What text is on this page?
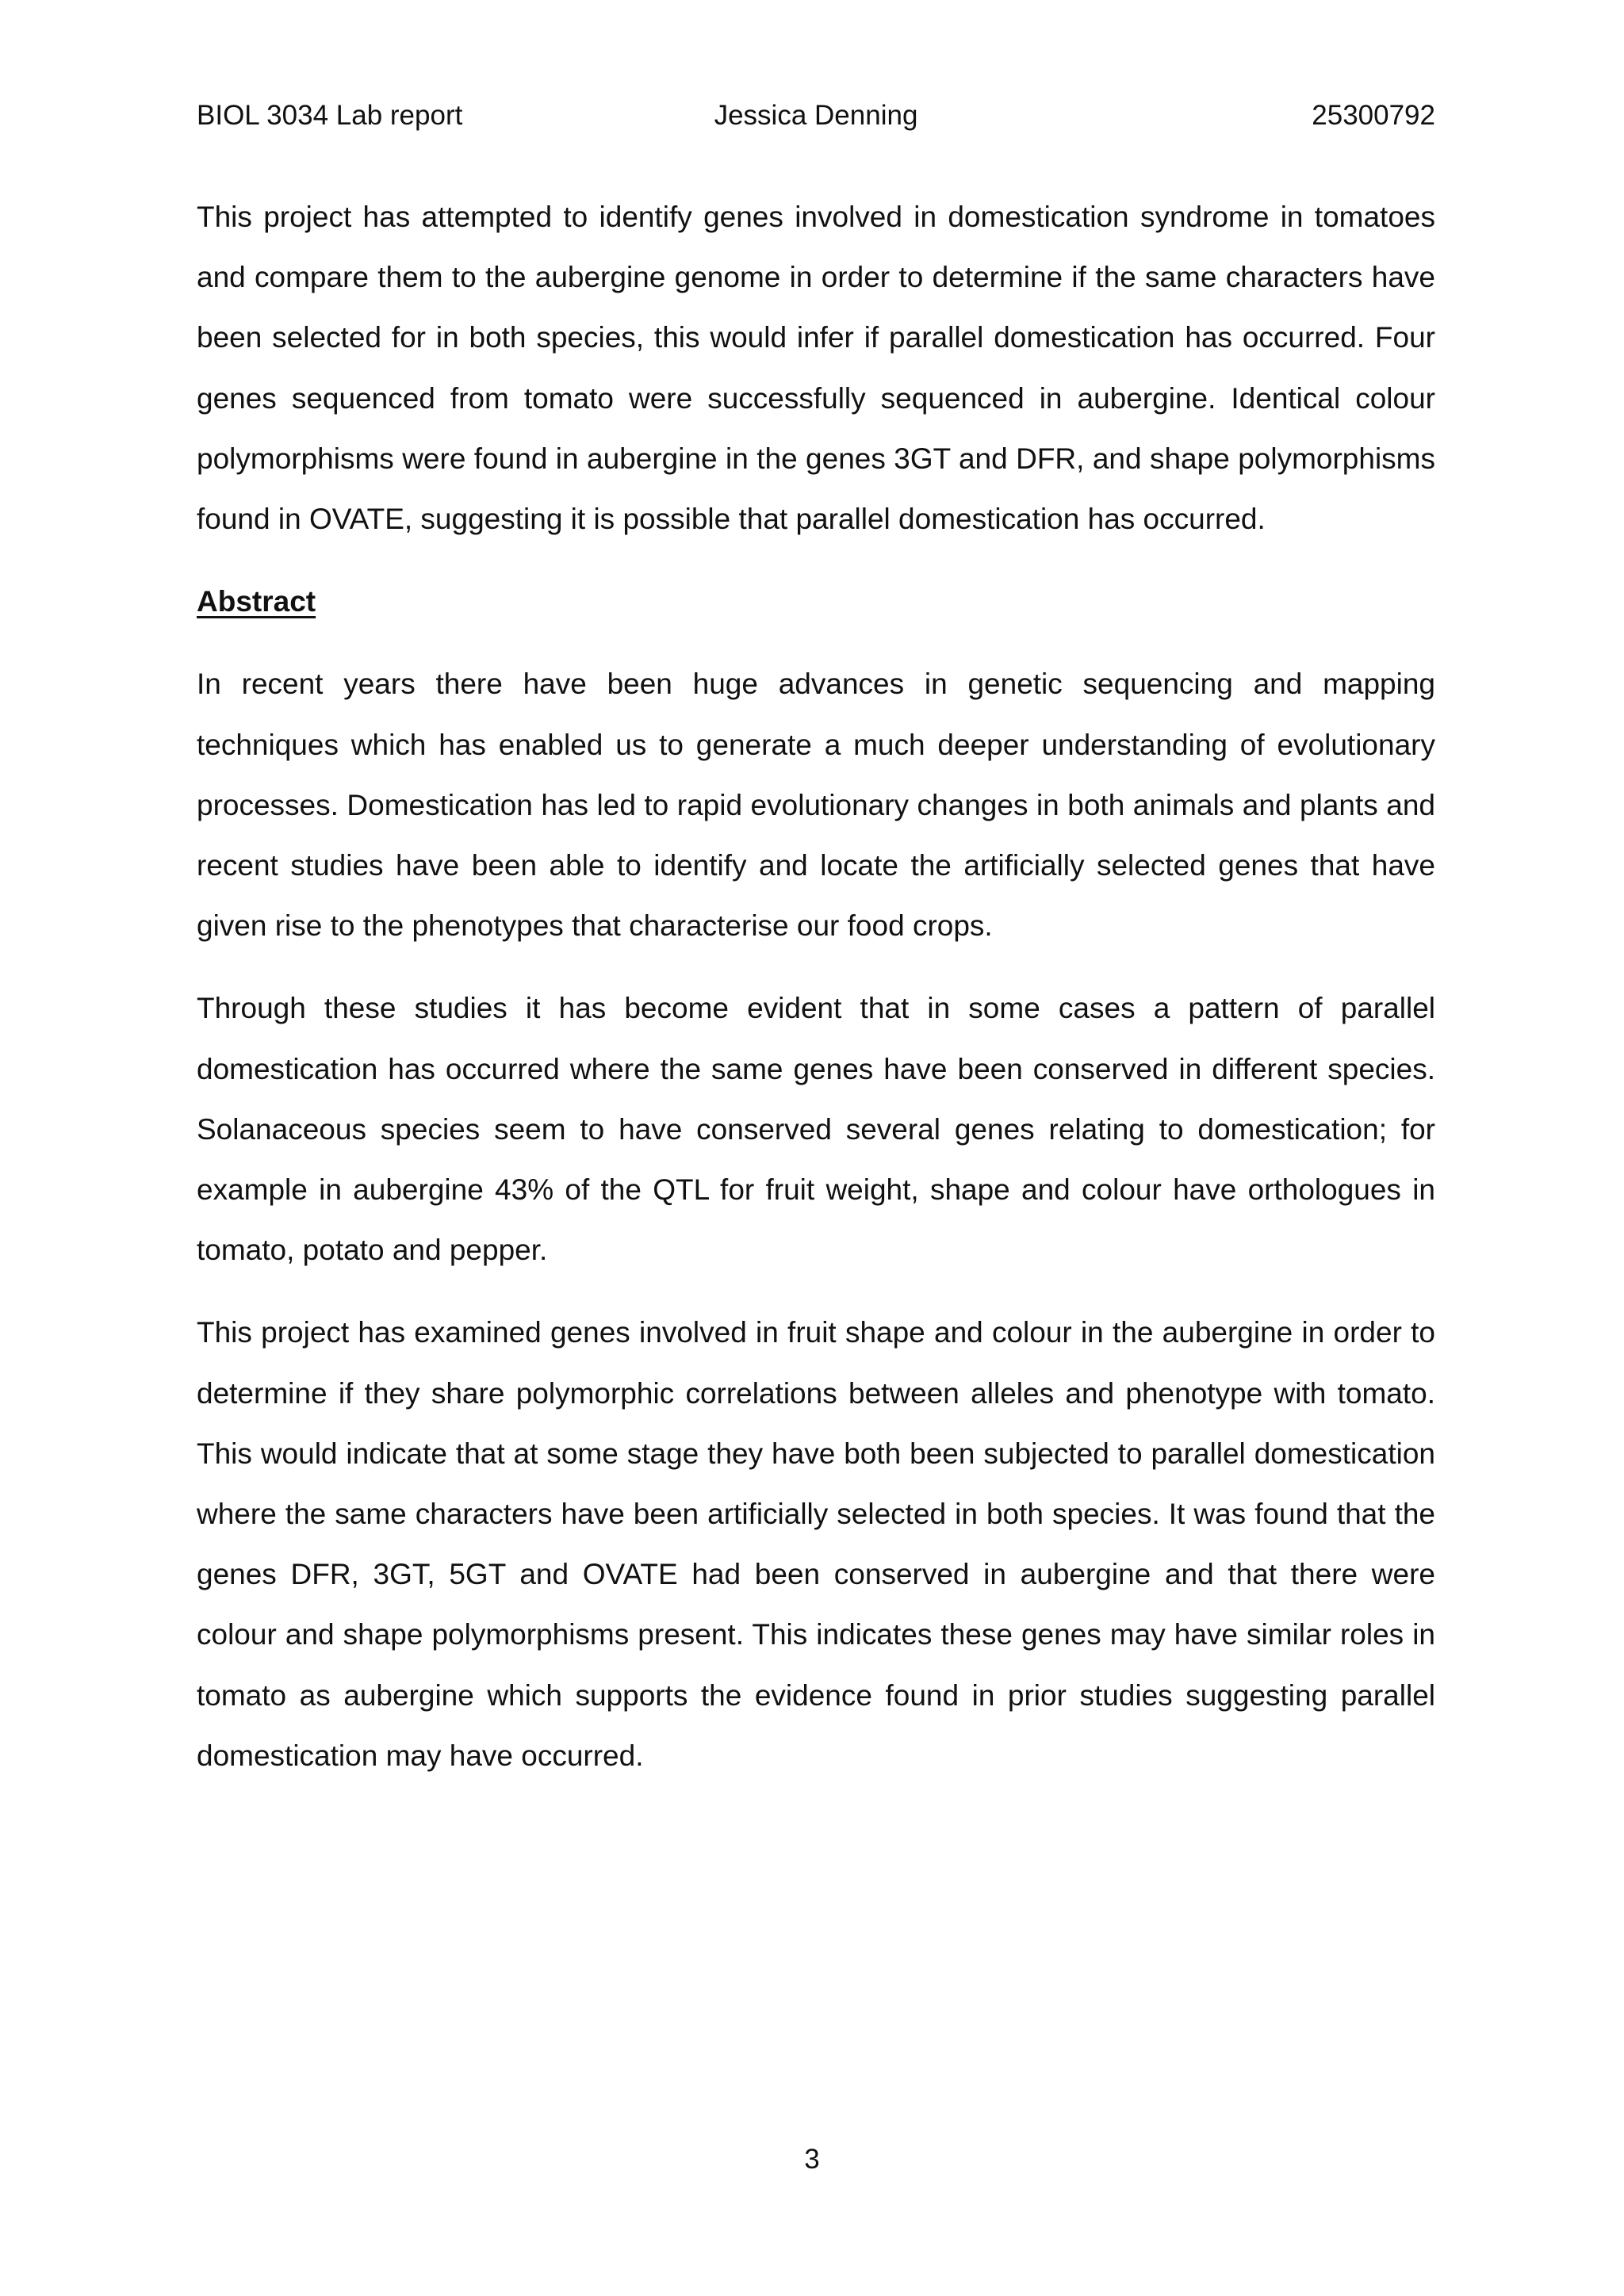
BIOL 3034 Lab report	Jessica Denning	25300792

This project has attempted to identify genes involved in domestication syndrome in tomatoes and compare them to the aubergine genome in order to determine if the same characters have been selected for in both species, this would infer if parallel domestication has occurred. Four genes sequenced from tomato were successfully sequenced in aubergine. Identical colour polymorphisms were found in aubergine in the genes 3GT and DFR, and shape polymorphisms found in OVATE, suggesting it is possible that parallel domestication has occurred.

Abstract

In recent years there have been huge advances in genetic sequencing and mapping techniques which has enabled us to generate a much deeper understanding of evolutionary processes. Domestication has led to rapid evolutionary changes in both animals and plants and recent studies have been able to identify and locate the artificially selected genes that have given rise to the phenotypes that characterise our food crops.

Through these studies it has become evident that in some cases a pattern of parallel domestication has occurred where the same genes have been conserved in different species. Solanaceous species seem to have conserved several genes relating to domestication; for example in aubergine 43% of the QTL for fruit weight, shape and colour have orthologues in tomato, potato and pepper.

This project has examined genes involved in fruit shape and colour in the aubergine in order to determine if they share polymorphic correlations between alleles and phenotype with tomato. This would indicate that at some stage they have both been subjected to parallel domestication where the same characters have been artificially selected in both species. It was found that the genes DFR, 3GT, 5GT and OVATE had been conserved in aubergine and that there were colour and shape polymorphisms present. This indicates these genes may have similar roles in tomato as aubergine which supports the evidence found in prior studies suggesting parallel domestication may have occurred.

3
